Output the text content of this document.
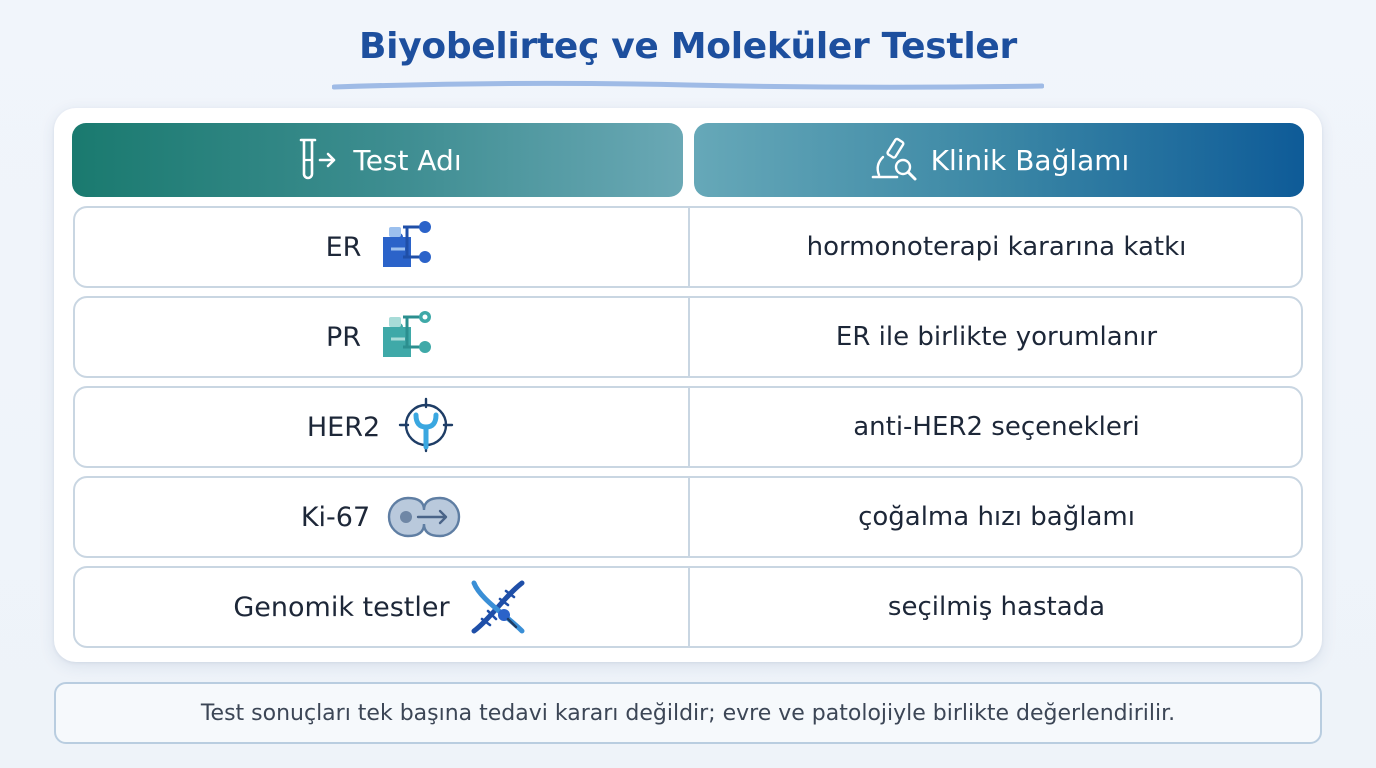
Biyobelirteç ve Moleküler Testler
Test Adı	Klinik Bağlamı
ER	hormonoterapi kararına katkı
PR	ER ile birlikte yorumlanır
HER2	anti-HER2 seçenekleri
Ki-67	çoğalma hızı bağlamı
Genomik testler	seçilmiş hastada
Test sonuçları tek başına tedavi kararı değildir; evre ve patolojiyle birlikte değerlendirilir.
